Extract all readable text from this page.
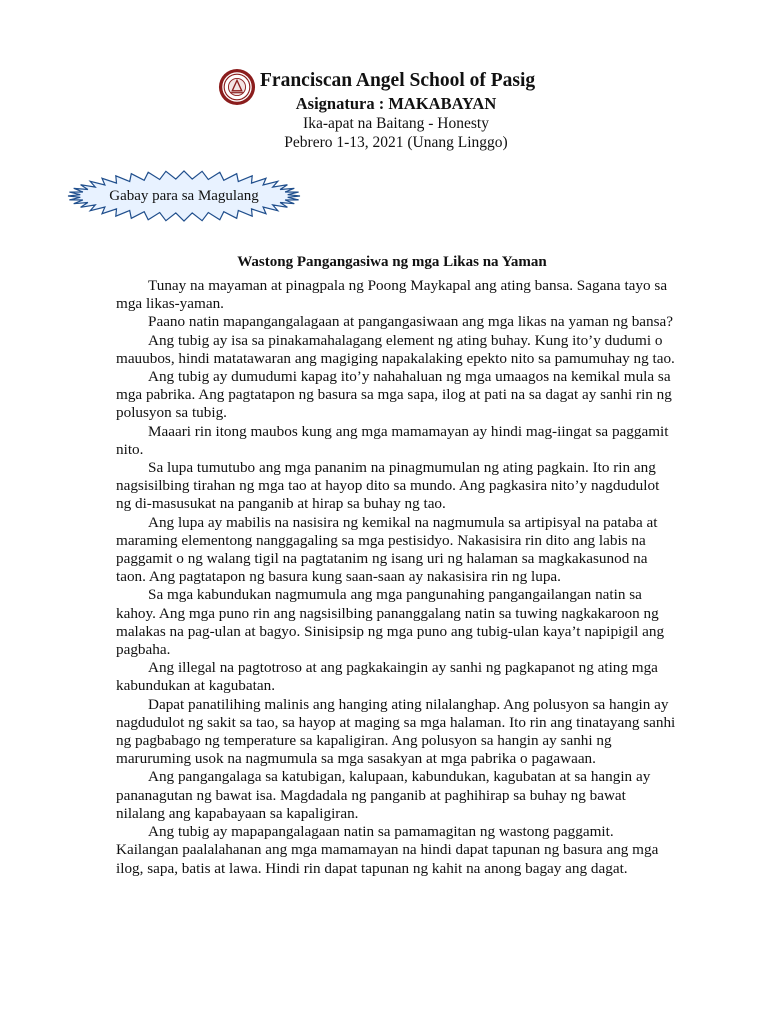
Franciscan Angel School of Pasig
Asignatura : MAKABAYAN
Ika-apat na Baitang - Honesty
Pebrero 1-13, 2021 (Unang Linggo)
Gabay para sa Magulang
Wastong Pangangasiwa ng mga Likas na Yaman

Tunay na mayaman at pinagpala ng Poong Maykapal ang ating bansa. Sagana tayo sa mga likas-yaman.

Paano natin mapangangalagaan at pangangasiwaan ang mga likas na yaman ng bansa?

Ang tubig ay isa sa pinakamahalagang element ng ating buhay. Kung ito’y dudumi o mauubos, hindi matatawaran ang magiging napakalaking epekto nito sa pamumuhay ng tao.

Ang tubig ay dumudumi kapag ito’y nahahaluan ng mga umaagos na kemikal mula sa mga pabrika. Ang pagtatapon ng basura sa mga sapa, ilog at pati na sa dagat ay sanhi rin ng polusyon sa tubig.

Maaari rin itong maubos kung ang mga mamamayan ay hindi mag-iingat sa paggamit nito.

Sa lupa tumutubo ang mga pananim na pinagmumulan ng ating pagkain. Ito rin ang nagsisilbing tirahan ng mga tao at hayop dito sa mundo. Ang pagkasira nito’y nagdudulot ng di-masusukat na panganib at hirap sa buhay ng tao.

Ang lupa ay mabilis na nasisira ng kemikal na nagmumula sa artipisyal na pataba at maraming elementong nanggagaling sa mga pestisidyo. Nakasisira rin dito ang labis na paggamit o ng walang tigil na pagtatanim ng isang uri ng halaman sa magkakasunod na taon. Ang pagtatapon ng basura kung saan-saan ay nakasisira rin ng lupa.

Sa mga kabundukan nagmumula ang mga pangunahing pangangailangan natin sa kahoy. Ang mga puno rin ang nagsisilbing pananggalang natin sa tuwing nagkakaroon ng malakas na pag-ulan at bagyo. Sinisipsip ng mga puno ang tubig-ulan kaya’t napipigil ang pagbaha.

Ang illegal na pagtotroso at ang pagkakaingin ay sanhi ng pagkapanot ng ating mga kabundukan at kagubatan.

Dapat panatilihing malinis ang hanging ating nilalanghap. Ang polusyon sa hangin ay nagdudulot ng sakit sa tao, sa hayop at maging sa mga halaman. Ito rin ang tinatayang sanhi ng pagbabago ng temperature sa kapaligiran. Ang polusyon sa hangin ay sanhi ng maruruming usok na nagmumula sa mga sasakyan at mga pabrika o pagawaan.

Ang pangangalaga sa katubigan, kalupaan, kabundukan, kagubatan at sa hangin ay pananagutan ng bawat isa. Magdadala ng panganib at paghihirap sa buhay ng bawat nilalang ang kapabayaan sa kapaligiran.

Ang tubig ay mapapangalagaan natin sa pamamagitan ng wastong paggamit. Kailangan paalalahanan ang mga mamamayan na hindi dapat tapunan ng basura ang mga ilog, sapa, batis at lawa. Hindi rin dapat tapunan ng kahit na anong bagay ang dagat.
